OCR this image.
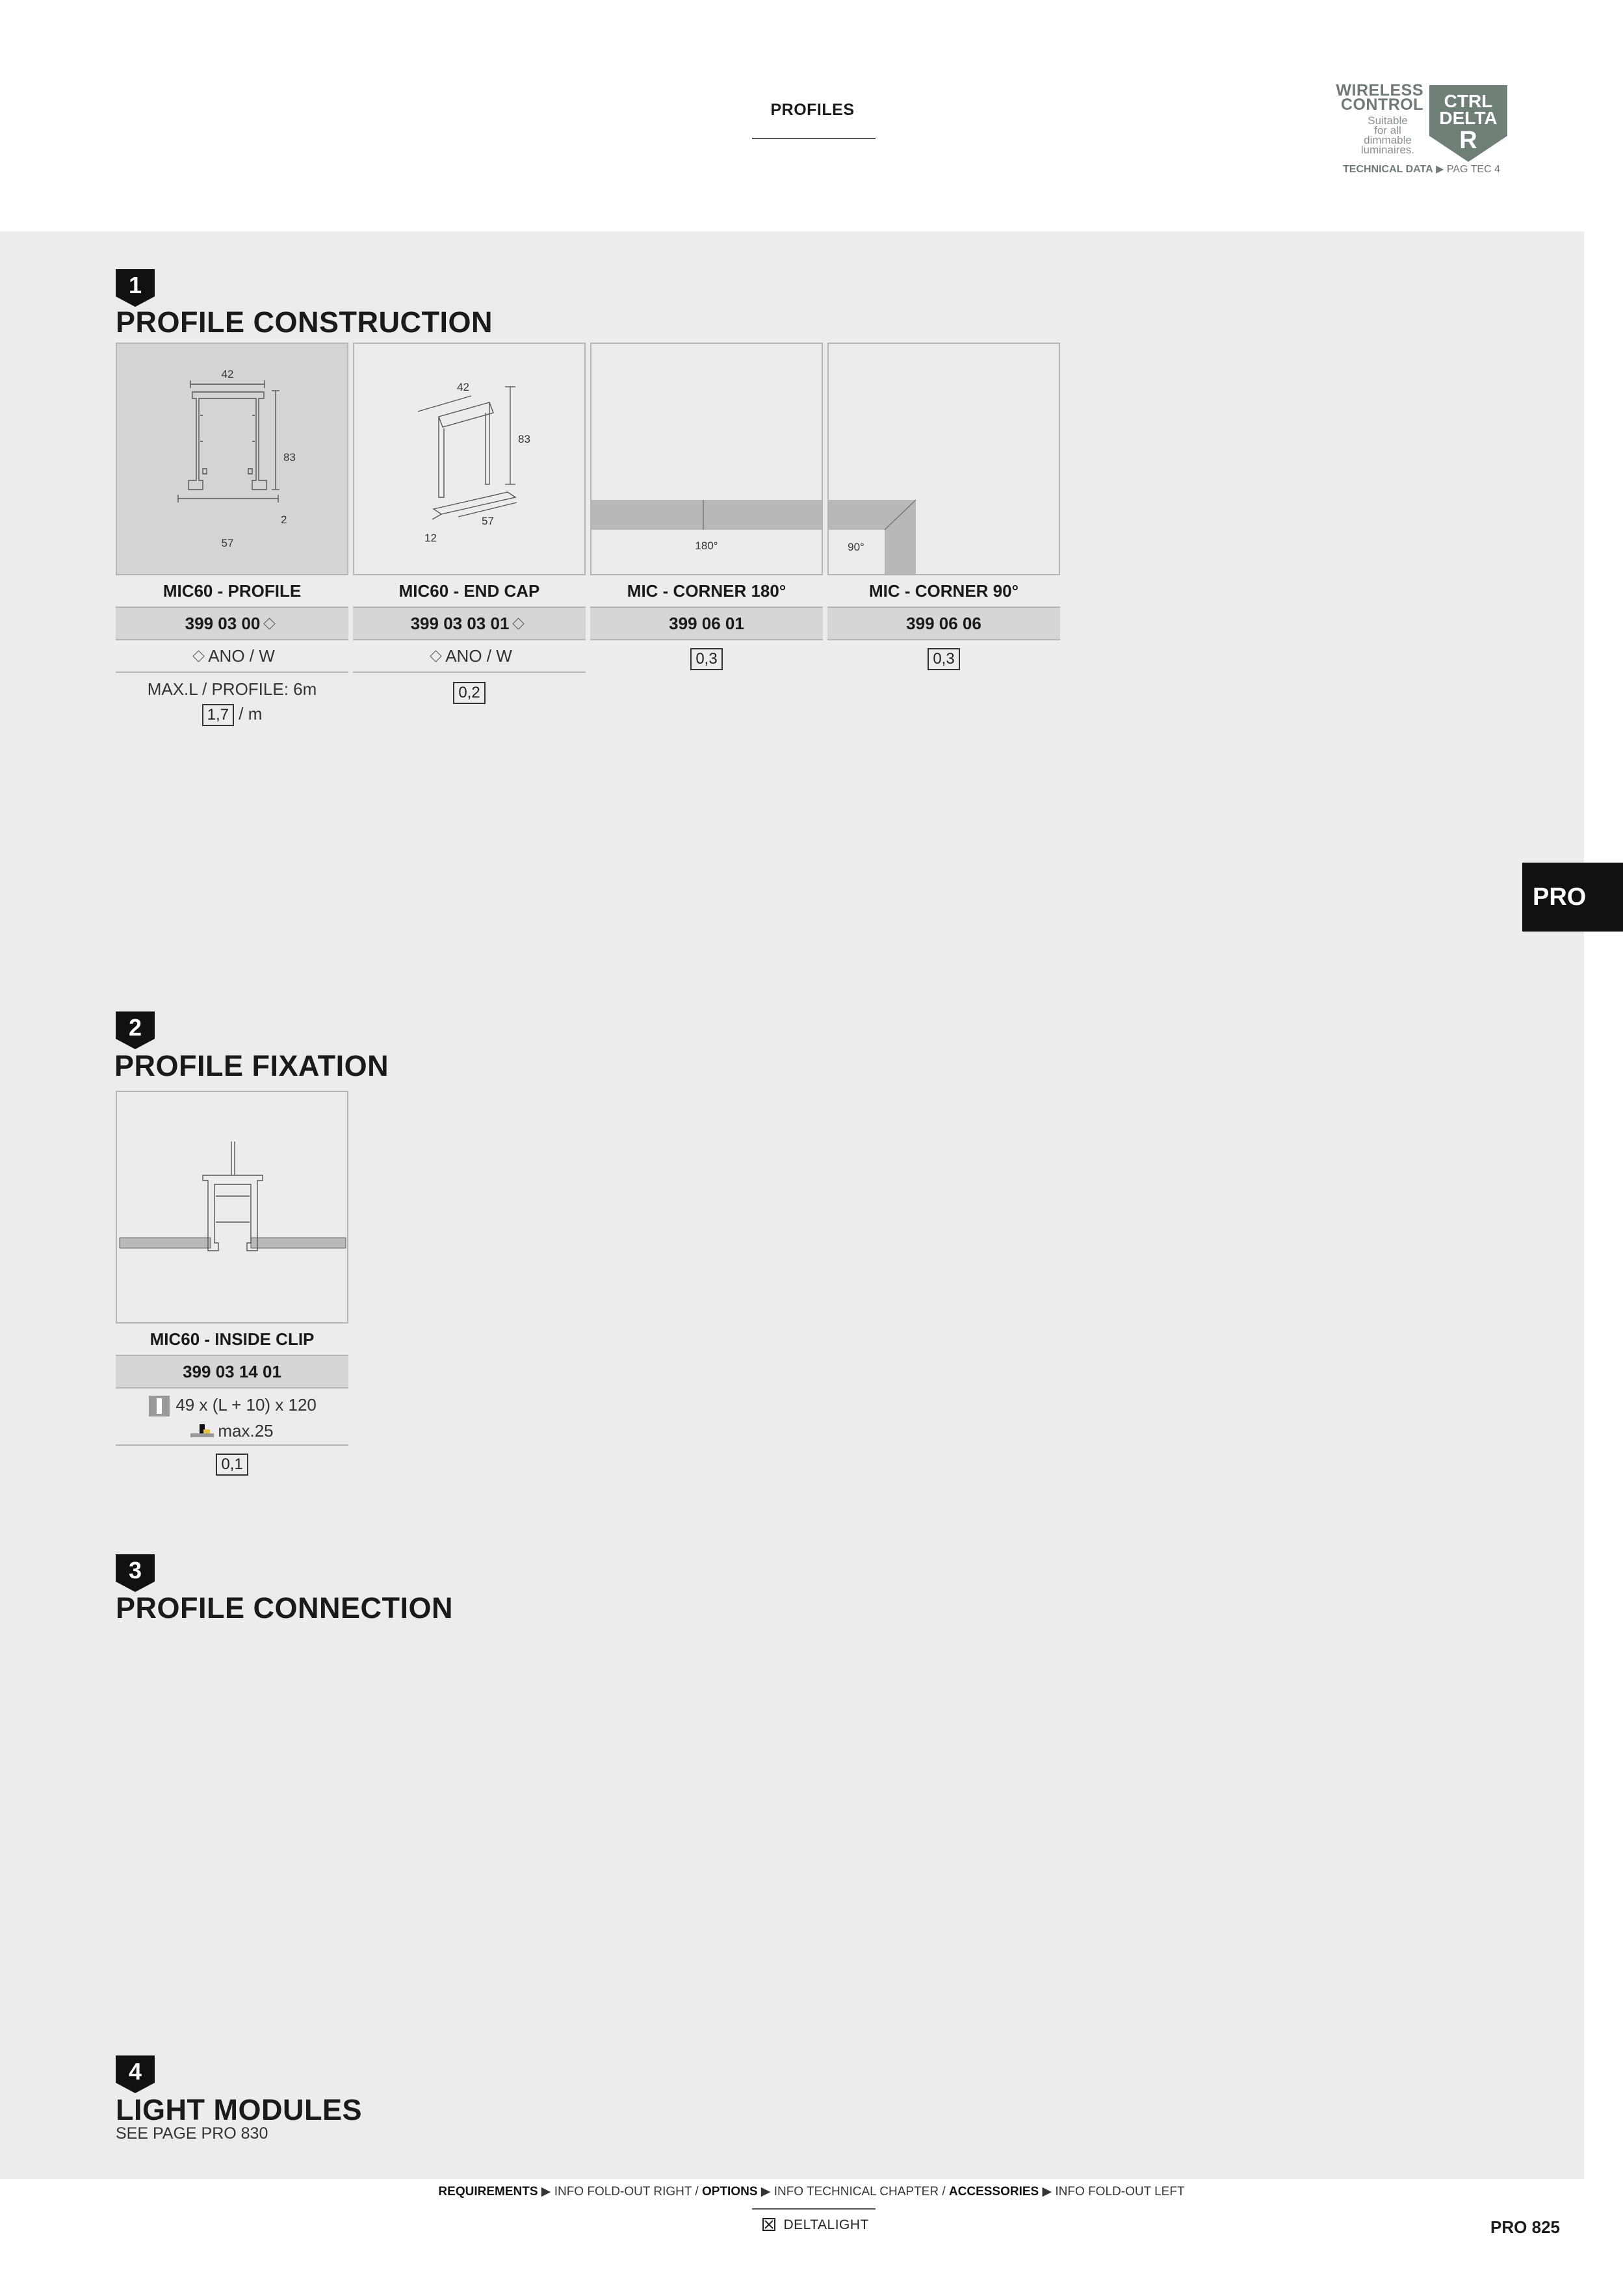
PROFILES
WIRELESS
CONTROL
Suitable
for all
dimmable
luminaires.
CTRL
DELTA
R
TECHNICAL DATA ▶ PAG TEC 4
PRO
1
PROFILE CONSTRUCTION
42
83
57
2
MIC60 - PROFILE
399 03 00
ANO / W
MAX.L / PROFILE: 6m
1,7 / m
42
83
57
12
MIC60 - END CAP
399 03 03 01
ANO / W
0,2
180°
MIC - CORNER 180°
399 06 01
0,3
90°
MIC - CORNER 90°
399 06 06
0,3
2
PROFILE FIXATION
MIC60 - INSIDE CLIP
399 03 14 01
49 x (L + 10) x 120
max.25
0,1
3
PROFILE CONNECTION
4
LIGHT MODULES
SEE PAGE PRO 830
REQUIREMENTS ▶ INFO FOLD-OUT RIGHT / OPTIONS ▶ INFO TECHNICAL CHAPTER / ACCESSORIES ▶ INFO FOLD-OUT LEFT
DELTALIGHT	PRO 825
